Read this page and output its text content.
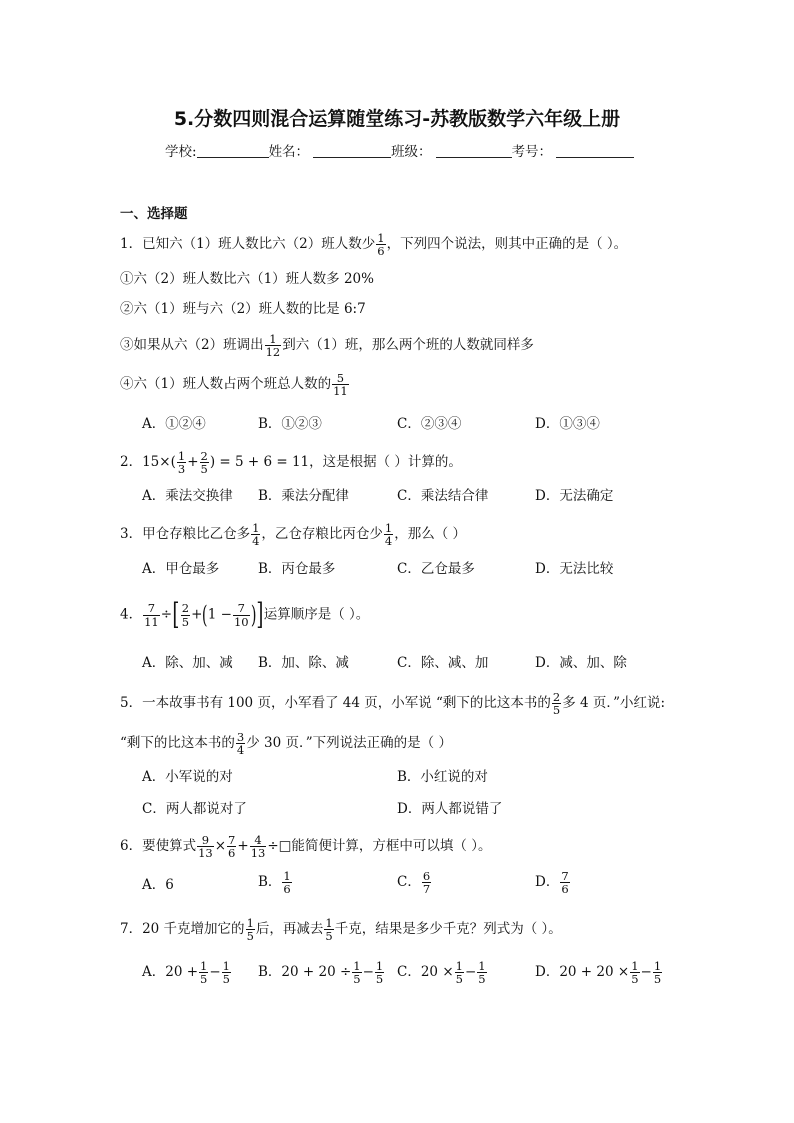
5.分数四则混合运算随堂练习-苏教版数学六年级上册
学校:	姓名：	班级：	考号：
一、选择题
1．已知六（1）班人数比六（2）班人数少 $\frac{1}{6}$ ，下列四个说法，则其中正确的是（ ）。
①六（2）班人数比六（1）班人数多 20%
②六（1）班与六（2）班人数的比是 6:7
③如果从六（2）班调出 $\frac{1}{12}$ 到六（1）班，那么两个班的人数就同样多
④六（1）班人数占两个班总人数的 $\frac{5}{11}$
A．①②④	B．①②③	C．②③④	D．①③④
2．$15\times( \frac{1}{3} + \frac{2}{5}$ ) = 5 + 6 = 11，这是根据（ ）计算的。
A．乘法交换律 B．乘法分配律	C．乘法结合律	D．无法确定
3．甲仓存粮比乙仓多 $\frac{1}{4}$ ，乙仓存粮比丙仓少 $\frac{1}{4}$ ，那么（ ）
A．甲仓最多	B．丙仓最多	C．乙仓最多	D．无法比较
4． $\frac{7}{11}$ ÷[ $\frac{2}{5} +(1 - \frac{7}{10}$ )]运算顺序是（ ）。
A．除、加、减 B．加、除、减	C．除、减、加	D．减、加、除
5．一本故事书有 100 页，小军看了 44 页，小军说 “剩下的比这本书的 $\frac{2}{5}$ 多 4 页．”小红说:
“剩下的比这本书的 $\frac{3}{4}$ 少 30 页．”下列说法正确的是（ ）
A．小军说的对	B．小红说的对
C．两人都说对了	D．两人都说错了
6．要使算式 $\frac{9}{13} \times \frac{7}{6} + \frac{4}{13}$ ÷□能简便计算，方框中可以填（ ）。
A．6	B． $\frac{1}{6}$	C． $\frac{6}{7}$	D． $\frac{7}{6}$
7．20 千克增加它的 $\frac{1}{5}$ 后，再减去 $\frac{1}{5}$ 千克，结果是多少千克？列式为（ ）。
A．$20 + \frac{1}{5} - \frac{1}{5}$ B．$20 + 20 \div \frac{1}{5} - \frac{1}{5}$ C．$20 \times \frac{1}{5} - \frac{1}{5}$	D．$20 + 20 \times \frac{1}{5} - \frac{1}{5}$
